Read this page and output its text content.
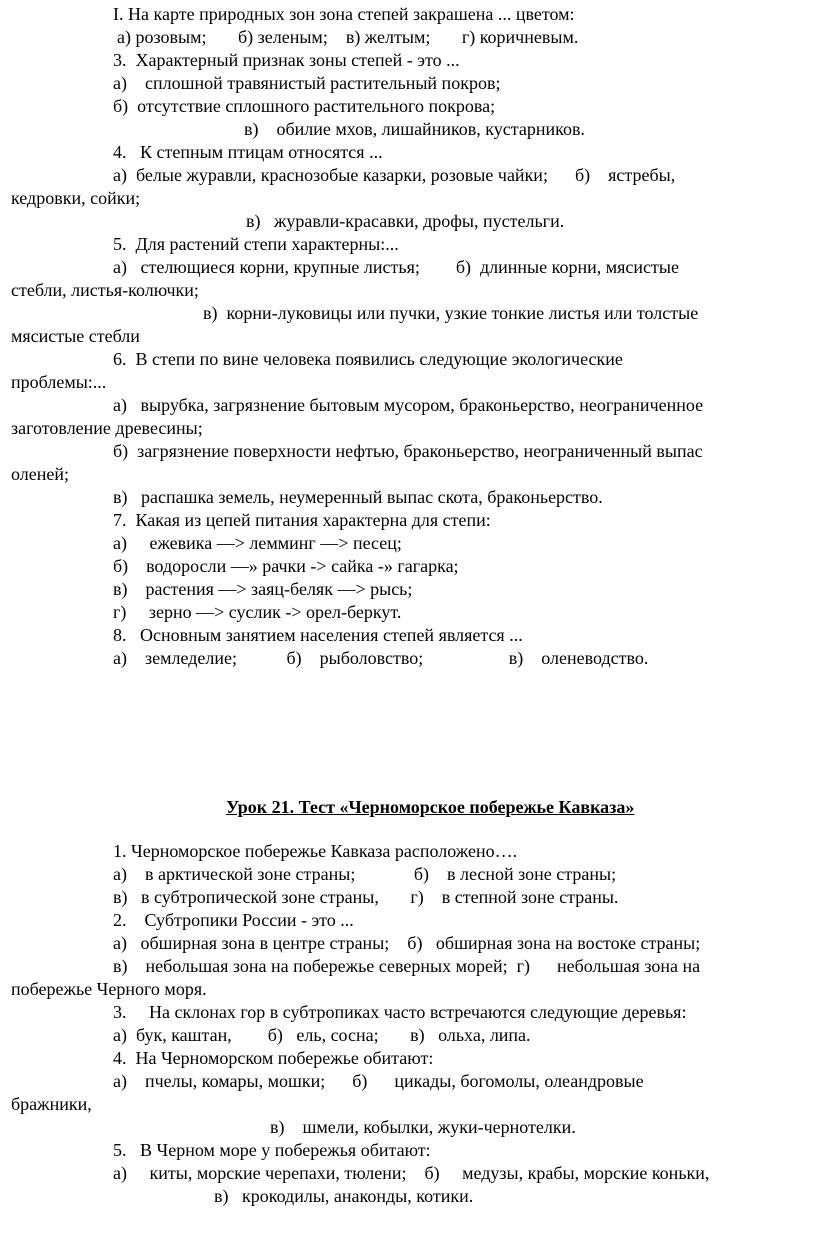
I. На карте природных зон зона степей закрашена ... цветом:
а) розовым;       б) зеленым;    в) желтым;       г) коричневым.
3.  Характерный признак зоны степей - это ...
а)    сплошной травянистый растительный покров;
б)  отсутствие сплошного растительного покрова;
в)    обилие мхов, лишайников, кустарников.
4.   К степным птицам относятся ...
а)  белые журавли, краснозобые казарки, розовые чайки;      б)    ястребы,
кедровки, сойки;
в)   журавли-красавки, дрофы, пустельги.
5.  Для растений степи характерны:...
а)   стелющиеся корни, крупные листья;        б)  длинные корни, мясистые
стебли, листья-колючки;
в)  корни-луковицы или пучки, узкие тонкие листья или толстые
мясистые стебли
6.  В степи по вине человека появились следующие экологические
проблемы:...
а)   вырубка, загрязнение бытовым мусором, браконьерство, неограниченное
заготовление древесины;
б)  загрязнение поверхности нефтью, браконьерство, неограниченный выпас
оленей;
в)   распашка земель, неумеренный выпас скота, браконьерство.
7.  Какая из цепей питания характерна для степи:
а)     ежевика —> лемминг —> песец;
б)    водоросли —» рачки -> сайка -» гагарка;
в)    растения —> заяц-беляк —> рысь;
г)     зерно —> суслик -> орел-беркут.
8.   Основным занятием населения степей является ...
а)    земледелие;           б)    рыболовство;                   в)    оленеводство.
Урок 21. Тест «Черноморское побережье Кавказа»
1. Черноморское побережье Кавказа расположено….
а)    в арктической зоне страны;             б)    в лесной зоне страны;
в)   в субтропической зоне страны,       г)    в степной зоне страны.
2.    Субтропики России - это ...
а)   обширная зона в центре страны;    б)   обширная зона на востоке страны;
в)    небольшая зона на побережье северных морей;  г)      небольшая зона на
побережье Черного моря.
3.     На склонах гор в субтропиках часто встречаются следующие деревья:
а)  бук, каштан,        б)   ель, сосна;       в)   ольха, липа.
4.  На Черноморском побережье обитают:
а)    пчелы, комары, мошки;      б)      цикады, богомолы, олеандровые
бражники,
в)    шмели, кобылки, жуки-чернотелки.
5.   В Черном море у побережья обитают:
а)     киты, морские черепахи, тюлени;    б)     медузы, крабы, морские коньки,
в)   крокодилы, анаконды, котики.
